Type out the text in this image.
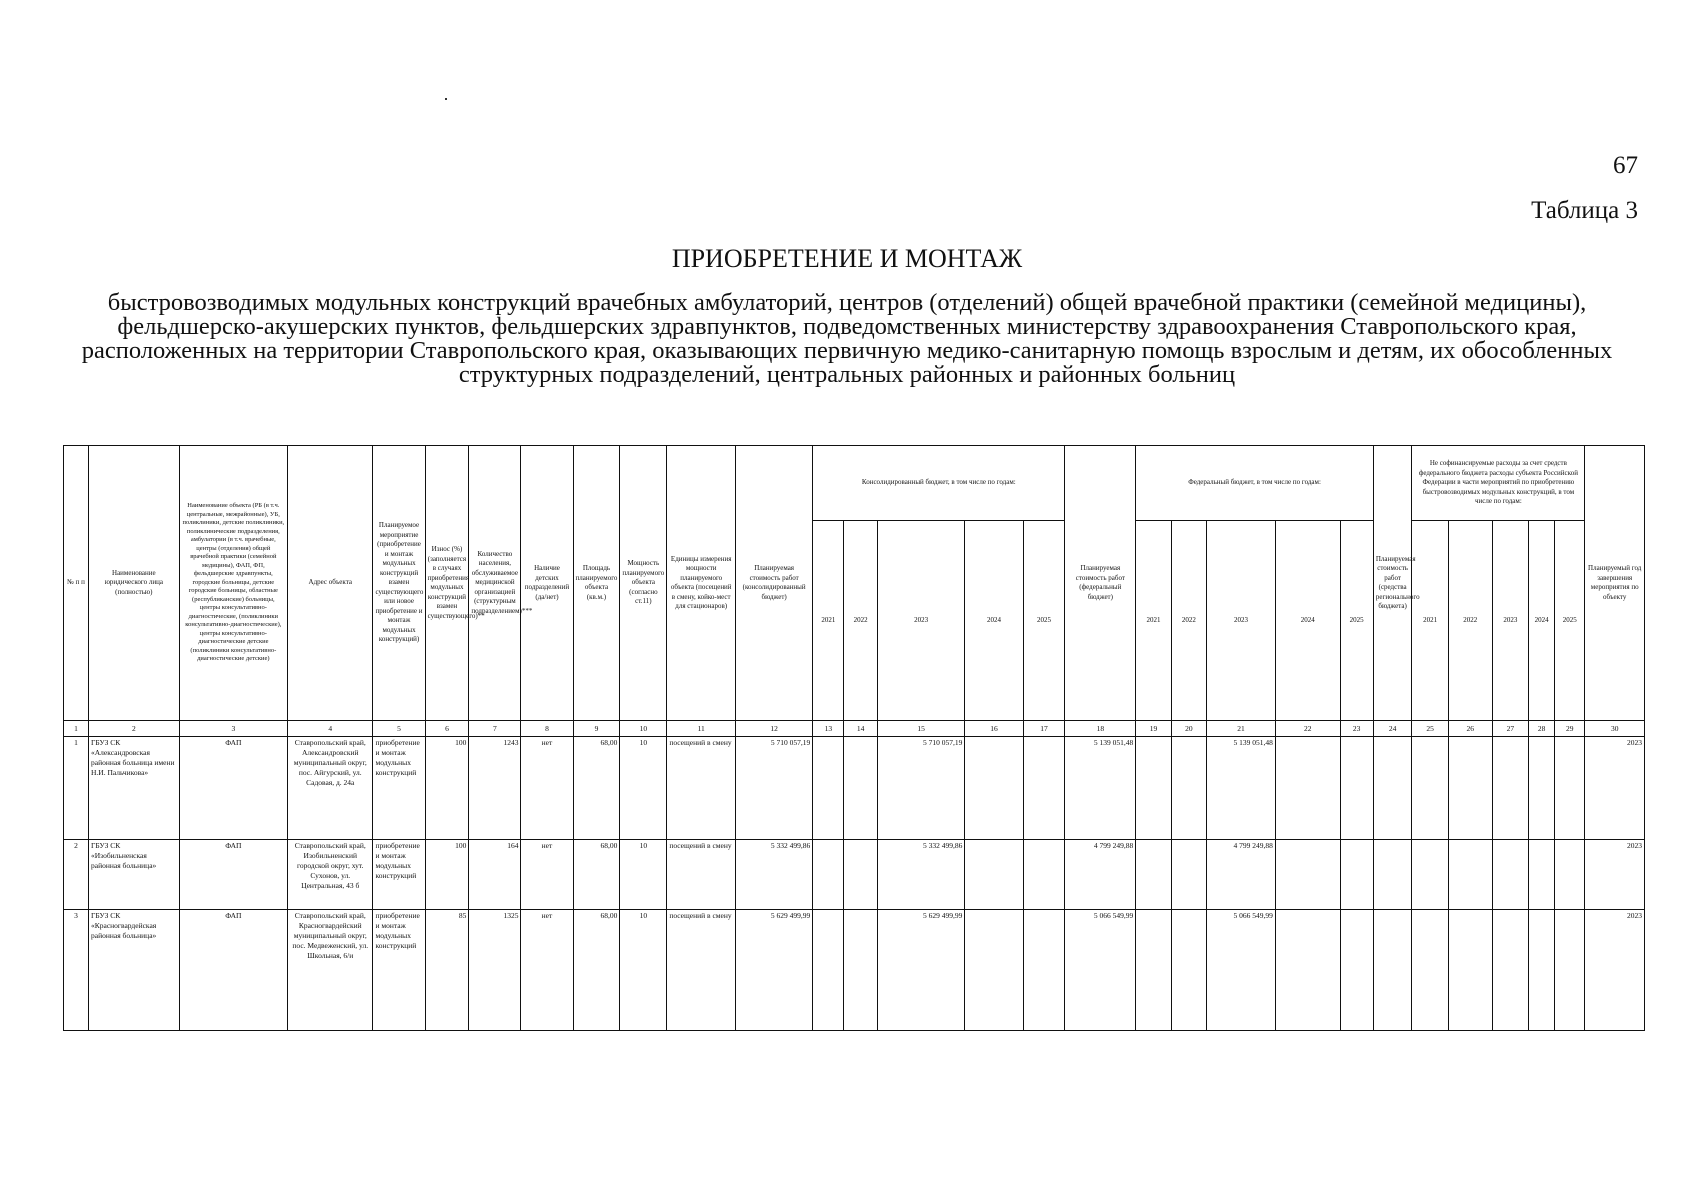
67
Таблица 3
ПРИОБРЕТЕНИЕ И МОНТАЖ
быстровозводимых модульных конструкций врачебных амбулаторий, центров (отделений) общей врачебной практики (семейной медицины), фельдшерско-акушерских пунктов, фельдшерских здравпунктов, подведомственных министерству здравоохранения Ставропольского края, расположенных на территории Ставропольского края, оказывающих первичную медико-санитарную помощь взрослым и детям, их обособленных структурных подразделений, центральных районных и районных больниц
№ п п	Наименование юридического лица (полностью)	Наименование объекта (РБ (в т.ч. центральные, межрайонные), УБ, поликлиники, детские поликлиники, поликлинические подразделения, амбулатории (в т.ч. врачебные, центры (отделения) общей врачебной практики (семейной медицины), ФАП, ФП, фельдшерские здравпункты, городские больницы, детские городские больницы, областные (республиканские) больницы, центры консультативно-диагностические, (поликлиники консультативно-диагностические), центры консультативно-диагностические детские (поликлиники консультативно-диагностические детские)	Адрес объекта	Планируемое мероприятие (приобретение и монтаж модульных конструкций взамен существующего или новое приобретение и монтаж модульных конструкций)	Износ (%) (заполняется в случаях приобретения модульных конструкций взамен существующего)**	Количество населения, обслуживаемое медицинской организацией (структурным подразделением)***	Наличие детских подразделений (да/нет)	Площадь планируемого объекта (кв.м.)	Мощность планируемого объекта (согласно ст.11)	Единицы измерения мощности планируемого объекта (посещений в смену, койко-мест для стационаров)	Планируемая стоимость работ (консолидированный бюджет)	Консолидированный бюджет, в том числе по годам:					Планируемая стоимость работ (федеральный бюджет)	Федеральный бюджет, в том числе по годам:					Планируемая стоимость работ (средства регионального бюджета)	Не софинансируемые расходы за счет средств федерального бюджета расходы субъекта Российской Федерации в части мероприятий по приобретению быстровозводимых модульных конструкций, в том числе по годам:					Планируемый год завершения мероприятия по объекту
												2021	2022	2023	2024	2025		2021	2022	2023	2024	2025		2021	2022	2023	2024	2025	
1	2	3	4	5	6	7	8	9	10	11	12	13	14	15	16	17	18	19	20	21	22	23	24	25	26	27	28	29	30
1	ГБУЗ СК «Александровская районная больница имени Н.И. Пальчикова»	ФАП	Ставропольский край, Александровский муниципальный округ, пос. Айгурский, ул. Садовая, д. 24а	приобретение и монтаж модульных конструкций	100	1243	нет	68,00	10	посещений в смену	5 710 057,19			5 710 057,19			5 139 051,48			5 139 051,48									2023
2	ГБУЗ СК «Изобильненская районная больница»	ФАП	Ставропольский край, Изобильненский городской округ, хут. Сухонов, ул. Центральная, 43 б	приобретение и монтаж модульных конструкций	100	164	нет	68,00	10	посещений в смену	5 332 499,86			5 332 499,86			4 799 249,88			4 799 249,88									2023
3	ГБУЗ СК «Красногвардейская районная больница»	ФАП	Ставропольский край, Красногвардейский муниципальный округ, пос. Медвеженский, ул. Школьная, 6/и	приобретение и монтаж модульных конструкций	85	1325	нет	68,00	10	посещений в смену	5 629 499,99			5 629 499,99			5 066 549,99			5 066 549,99									2023
